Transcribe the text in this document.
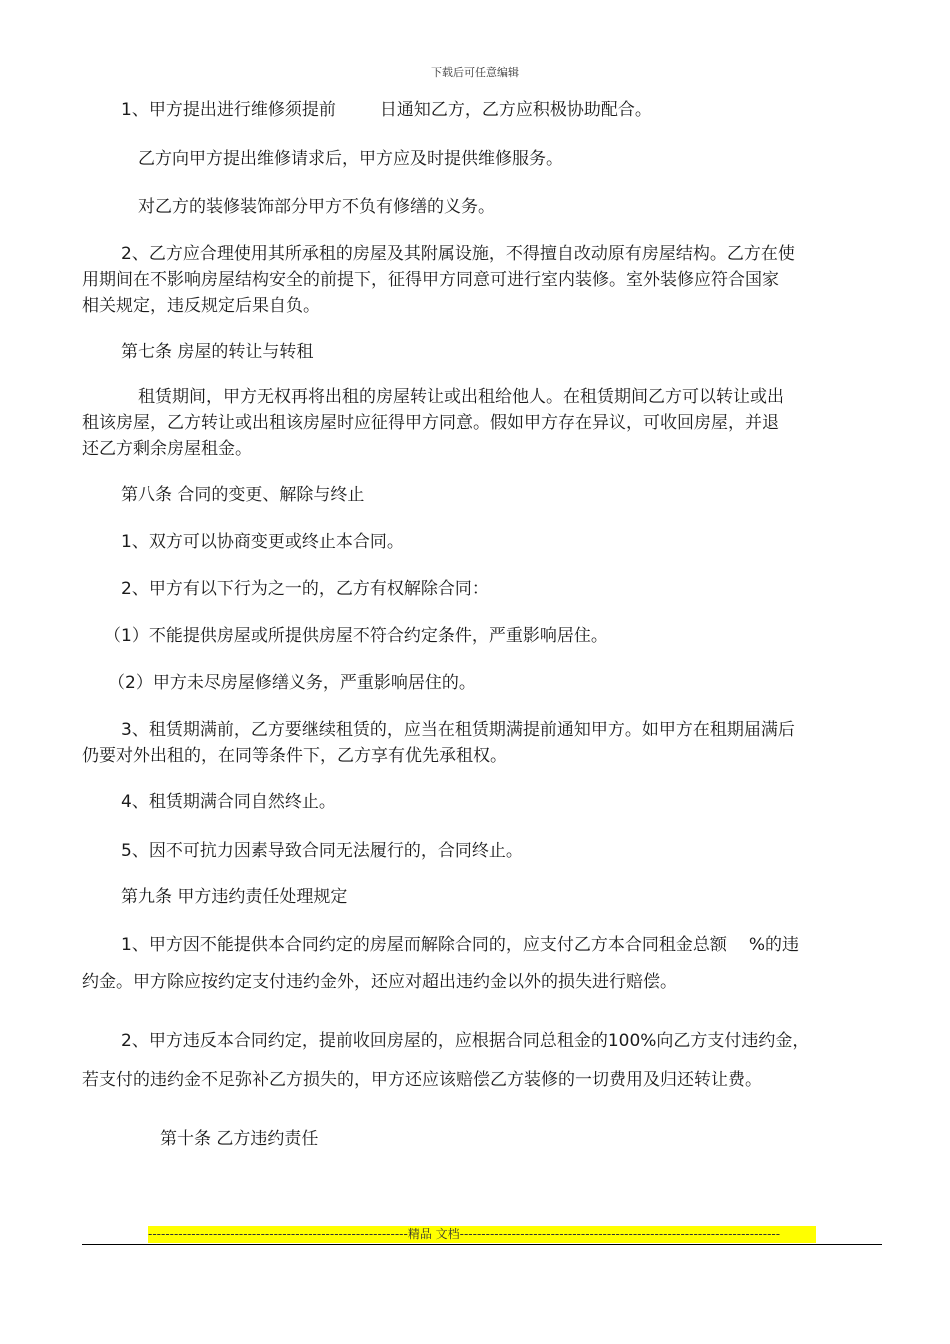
下载后可任意编辑
1、甲方提出进行维修须提前	日通知乙方，乙方应积极协助配合。
乙方向甲方提出维修请求后，甲方应及时提供维修服务。
对乙方的装修装饰部分甲方不负有修缮的义务。
2、乙方应合理使用其所承租的房屋及其附属设施，不得擅自改动原有房屋结构。乙方在使
用期间在不影响房屋结构安全的前提下，征得甲方同意可进行室内装修。室外装修应符合国家
相关规定，违反规定后果自负。
第七条 房屋的转让与转租
租赁期间，甲方无权再将出租的房屋转让或出租给他人。在租赁期间乙方可以转让或出
租该房屋，乙方转让或出租该房屋时应征得甲方同意。假如甲方存在异议，可收回房屋，并退
还乙方剩余房屋租金。
第八条 合同的变更、解除与终止
1、双方可以协商变更或终止本合同。
2、甲方有以下行为之一的，乙方有权解除合同：
（1）不能提供房屋或所提供房屋不符合约定条件，严重影响居住。
（2）甲方未尽房屋修缮义务，严重影响居住的。
3、租赁期满前，乙方要继续租赁的，应当在租赁期满提前通知甲方。如甲方在租期届满后
仍要对外出租的，在同等条件下，乙方享有优先承租权。
4、租赁期满合同自然终止。
5、因不可抗力因素导致合同无法履行的，合同终止。
第九条 甲方违约责任处理规定
1、甲方因不能提供本合同约定的房屋而解除合同的，应支付乙方本合同租金总额 %的违
约金。甲方除应按约定支付违约金外，还应对超出违约金以外的损失进行赔偿。
2、甲方违反本合同约定，提前收回房屋的，应根据合同总租金的100%向乙方支付违约金，
若支付的违约金不足弥补乙方损失的，甲方还应该赔偿乙方装修的一切费用及归还转让费。
第十条 乙方违约责任
------------------------------------------------------------精品 文档--------------------------------------------------------------------------
